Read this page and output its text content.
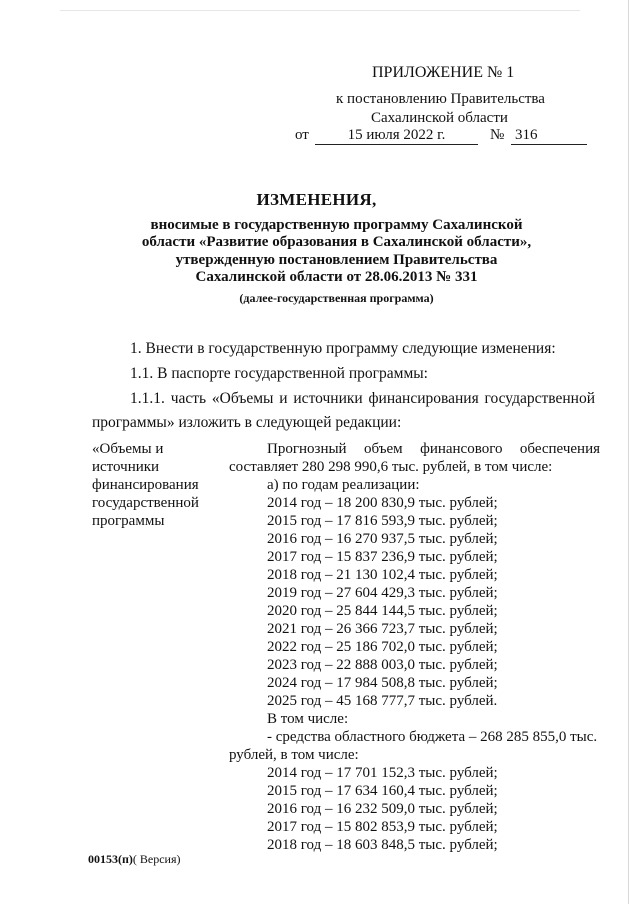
ПРИЛОЖЕНИЕ № 1
к постановлению Правительства
Сахалинской области
от	15 июля 2022 г.	№ 316
ИЗМЕНЕНИЯ,
вносимые в государственную программу Сахалинской
области «Развитие образования в Сахалинской области»,
утвержденную постановлением Правительства
Сахалинской области от 28.06.2013 № 331
(далее-государственная программа)
1. Внести в государственную программу следующие изменения:
1.1. В паспорте государственной программы:
1.1.1. часть «Объемы и источники финансирования государственной
программы» изложить в следующей редакции:
«Объемы и
источники
финансирования
государственной
программы
Прогнозный объем финансового обеспечения
составляет 280 298 990,6 тыс. рублей, в том числе:
а) по годам реализации:
2014 год – 18 200 830,9 тыс. рублей;
2015 год – 17 816 593,9 тыс. рублей;
2016 год – 16 270 937,5 тыс. рублей;
2017 год – 15 837 236,9 тыс. рублей;
2018 год – 21 130 102,4 тыс. рублей;
2019 год – 27 604 429,3 тыс. рублей;
2020 год – 25 844 144,5 тыс. рублей;
2021 год – 26 366 723,7 тыс. рублей;
2022 год – 25 186 702,0 тыс. рублей;
2023 год – 22 888 003,0 тыс. рублей;
2024 год – 17 984 508,8 тыс. рублей;
2025 год – 45 168 777,7 тыс. рублей.
В том числе:
- средства областного бюджета – 268 285 855,0 тыс.
рублей, в том числе:
2014 год – 17 701 152,3 тыс. рублей;
2015 год – 17 634 160,4 тыс. рублей;
2016 год – 16 232 509,0 тыс. рублей;
2017 год – 15 802 853,9 тыс. рублей;
2018 год – 18 603 848,5 тыс. рублей;
00153(п)( Версия)
